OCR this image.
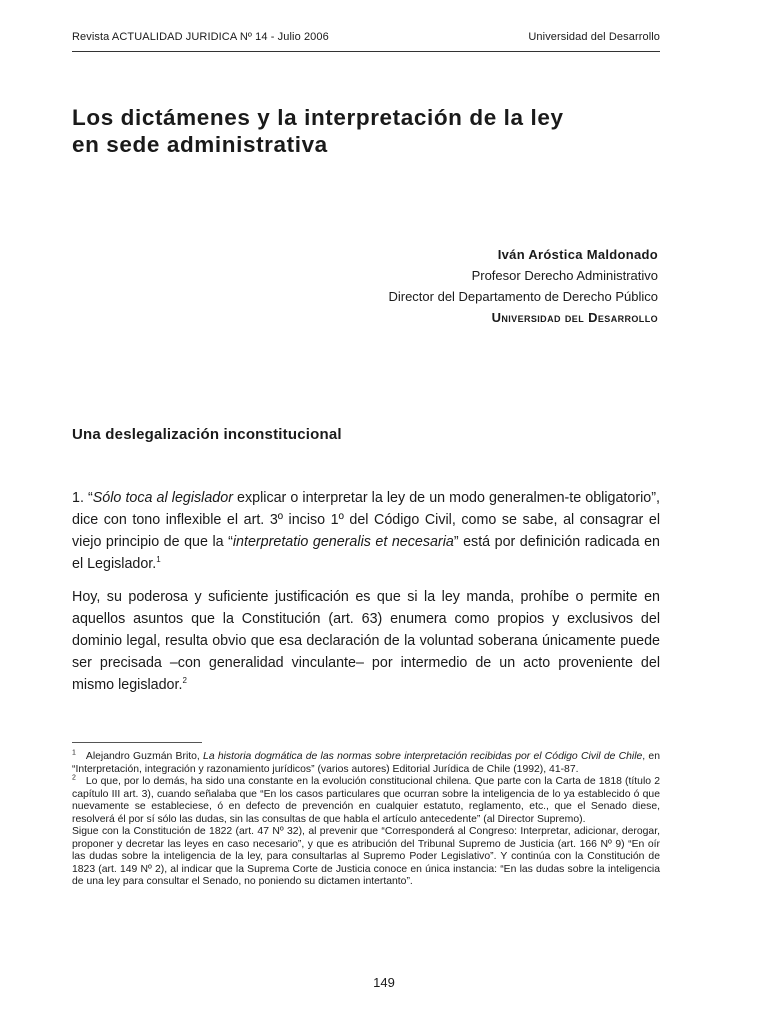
Revista ACTUALIDAD JURIDICA Nº 14 - Julio 2006	Universidad del Desarrollo
Los dictámenes y la interpretación de la ley
en sede administrativa
Iván Aróstica Maldonado
Profesor Derecho Administrativo
Director del Departamento de Derecho Público
Universidad del Desarrollo
Una deslegalización inconstitucional

1. “Sólo toca al legislador explicar o interpretar la ley de un modo generalmen-te obligatorio”, dice con tono inflexible el art. 3º inciso 1º del Código Civil, como se sabe, al consagrar el viejo principio de que la “interpretatio generalis et necesaria” está por definición radicada en el Legislador.$^1$

Hoy, su poderosa y suficiente justificación es que si la ley manda, prohíbe o permite en aquellos asuntos que la Constitución (art. 63) enumera como propios y exclusivos del dominio legal, resulta obvio que esa declaración de la voluntad soberana únicamente puede ser precisada –con generalidad vinculante– por intermedio de un acto proveniente del mismo legislador.$^2$

$^1$ Alejandro Guzmán Brito, La historia dogmática de las normas sobre interpretación recibidas por el Código Civil de Chile, en “Interpretación, integración y razonamiento jurídicos” (varios autores) Editorial Jurídica de Chile (1992), 41-87.

$^2$ Lo que, por lo demás, ha sido una constante en la evolución constitucional chilena. Que parte con la Carta de 1818 (título 2 capítulo III art. 3), cuando señalaba que “En los casos particulares que ocurran sobre la inteligencia de lo ya establecido ó que nuevamente se estableciese, ó en defecto de prevención en cualquier estatuto, reglamento, etc., que el Senado diese, resolverá él por sí sólo las dudas, sin las consultas de que habla el artículo antecedente” (al Director Supremo).

Sigue con la Constitución de 1822 (art. 47 Nº 32), al prevenir que “Corresponderá al Congreso: Interpretar, adicionar, derogar, proponer y decretar las leyes en caso necesario”, y que es atribución del Tribunal Supremo de Justicia (art. 166 Nº 9) “En oír las dudas sobre la inteligencia de la ley, para consultarlas al Supremo Poder Legislativo”. Y continúa con la Constitución de 1823 (art. 149 Nº 2), al indicar que la Suprema Corte de Justicia conoce en única instancia: “En las dudas sobre la inteligencia de una ley para consultar el Senado, no poniendo su dictamen intertanto”.

149
